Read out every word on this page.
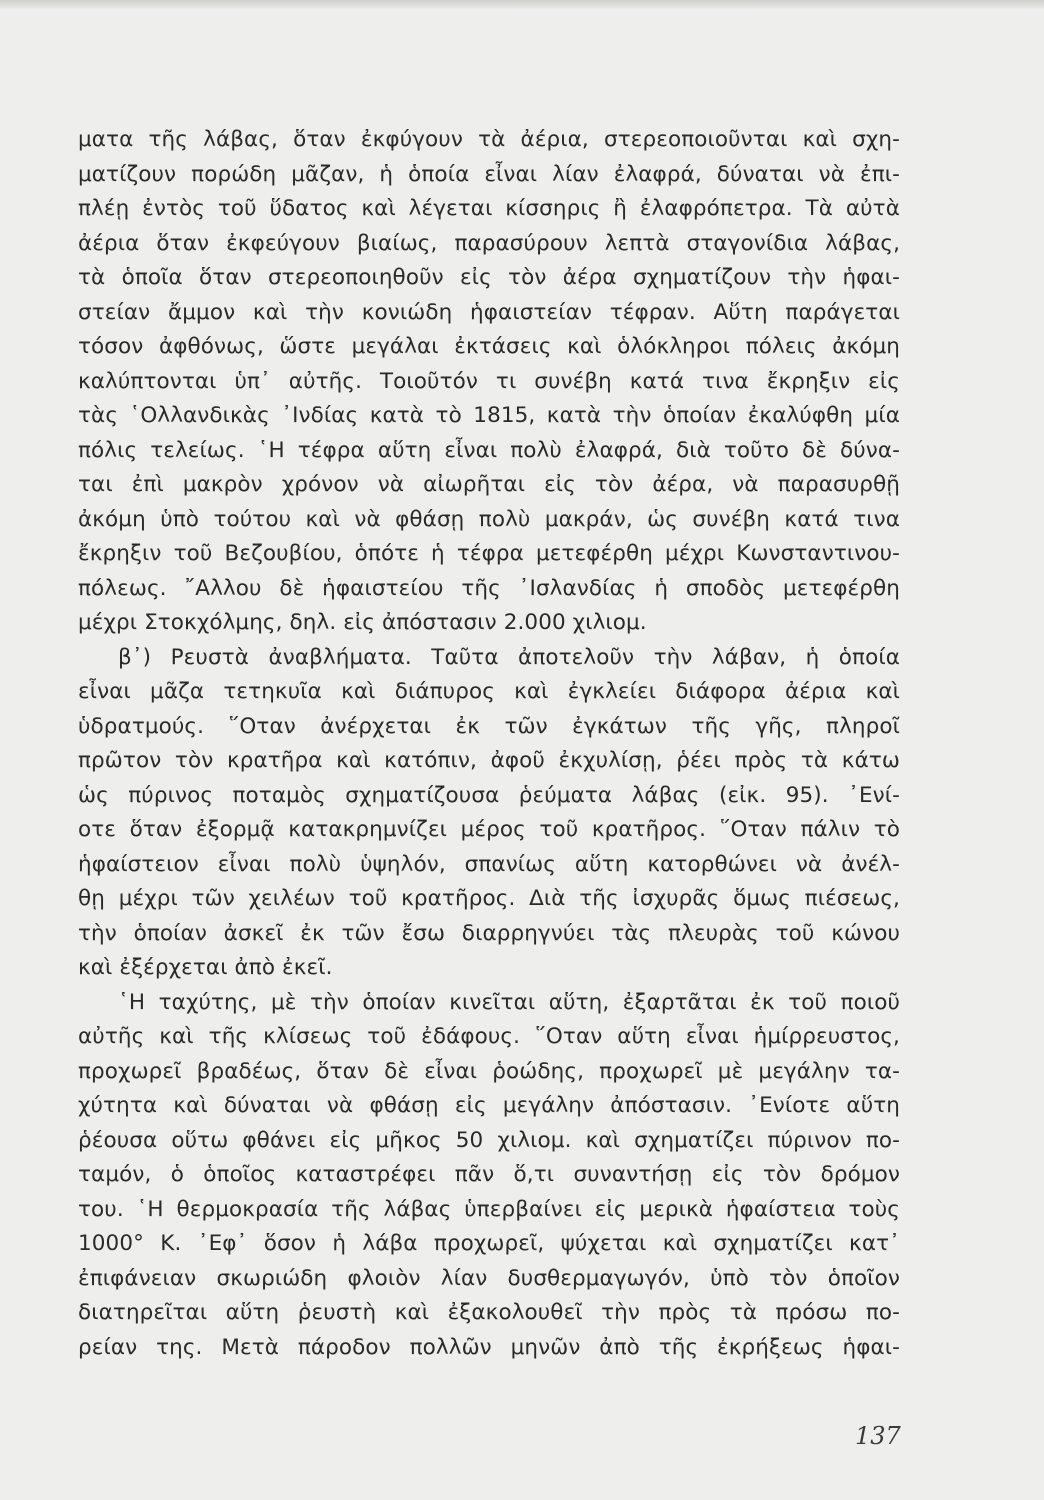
ματα τῆς λάβας, ὅταν ἐκφύγουν τὰ ἀέρια, στερεοποιοῦνται καὶ σχη-
ματίζουν πορώδη μᾶζαν, ἡ ὁποία εἶναι λίαν ἐλαφρά, δύναται νὰ ἐπι-
πλέῃ ἐντὸς τοῦ ὕδατος καὶ λέγεται κίσσηρις ἢ ἐλαφρόπετρα. Τὰ αὐτὰ
ἀέρια ὅταν ἐκφεύγουν βιαίως, παρασύρουν λεπτὰ σταγονίδια λάβας,
τὰ ὁποῖα ὅταν στερεοποιηθοῦν εἰς τὸν ἀέρα σχηματίζουν τὴν ἡφαι-
στείαν ἄμμον καὶ τὴν κονιώδη ἡφαιστείαν τέφραν. Αὕτη παράγεται
τόσον ἀφθόνως, ὥστε μεγάλαι ἐκτάσεις καὶ ὁλόκληροι πόλεις ἀκόμη
καλύπτονται ὑπ᾽ αὐτῆς. Τοιοῦτόν τι συνέβη κατά τινα ἔκρηξιν εἰς
τὰς ῾Ολλανδικὰς ᾽Ινδίας κατὰ τὸ 1815, κατὰ τὴν ὁποίαν ἐκαλύφθη μία
πόλις τελείως. ῾Η τέφρα αὕτη εἶναι πολὺ ἐλαφρά, διὰ τοῦτο δὲ δύνα-
ται ἐπὶ μακρὸν χρόνον νὰ αἰωρῆται εἰς τὸν ἀέρα, νὰ παρασυρθῇ
ἀκόμη ὑπὸ τούτου καὶ νὰ φθάσῃ πολὺ μακράν, ὡς συνέβη κατά τινα
ἔκρηξιν τοῦ Βεζουβίου, ὁπότε ἡ τέφρα μετεφέρθη μέχρι Κωνσταντινου-
πόλεως. ῎Αλλου δὲ ἡφαιστείου τῆς ᾽Ισλανδίας ἡ σποδὸς μετεφέρθη
μέχρι Στοκχόλμης, δηλ. εἰς ἀπόστασιν 2.000 χιλιομ.
β᾽) Ρευστὰ ἀναβλήματα. Ταῦτα ἀποτελοῦν τὴν λάβαν, ἡ ὁποία
εἶναι μᾶζα τετηκυῖα καὶ διάπυρος καὶ ἐγκλείει διάφορα ἀέρια καὶ
ὑδρατμούς. ῞Οταν ἀνέρχεται ἐκ τῶν ἐγκάτων τῆς γῆς, πληροῖ
πρῶτον τὸν κρατῆρα καὶ κατόπιν, ἀφοῦ ἐκχυλίσῃ, ῥέει πρὸς τὰ κάτω
ὡς πύρινος ποταμὸς σχηματίζουσα ῥεύματα λάβας (εἰκ. 95). ᾽Ενί-
οτε ὅταν ἐξορμᾷ κατακρημνίζει μέρος τοῦ κρατῆρος. ῞Οταν πάλιν τὸ
ἡφαίστειον εἶναι πολὺ ὑψηλόν, σπανίως αὕτη κατορθώνει νὰ ἀνέλ-
θῃ μέχρι τῶν χειλέων τοῦ κρατῆρος. Διὰ τῆς ἰσχυρᾶς ὅμως πιέσεως,
τὴν ὁποίαν ἀσκεῖ ἐκ τῶν ἔσω διαρρηγνύει τὰς πλευρὰς τοῦ κώνου
καὶ ἐξέρχεται ἀπὸ ἐκεῖ.
῾Η ταχύτης, μὲ τὴν ὁποίαν κινεῖται αὕτη, ἐξαρτᾶται ἐκ τοῦ ποιοῦ
αὐτῆς καὶ τῆς κλίσεως τοῦ ἐδάφους. ῞Οταν αὕτη εἶναι ἡμίρρευστος,
προχωρεῖ βραδέως, ὅταν δὲ εἶναι ῥοώδης, προχωρεῖ μὲ μεγάλην τα-
χύτητα καὶ δύναται νὰ φθάσῃ εἰς μεγάλην ἀπόστασιν. ᾽Ενίοτε αὕτη
ῥέουσα οὕτω φθάνει εἰς μῆκος 50 χιλιομ. καὶ σχηματίζει πύρινον πο-
ταμόν, ὁ ὁποῖος καταστρέφει πᾶν ὅ,τι συναντήσῃ εἰς τὸν δρόμον
του. ῾Η θερμοκρασία τῆς λάβας ὑπερβαίνει εἰς μερικὰ ἡφαίστεια τοὺς
1000° Κ. ᾽Εφ᾽ ὅσον ἡ λάβα προχωρεῖ, ψύχεται καὶ σχηματίζει κατ᾽
ἐπιφάνειαν σκωριώδη φλοιὸν λίαν δυσθερμαγωγόν, ὑπὸ τὸν ὁποῖον
διατηρεῖται αὕτη ῥευστὴ καὶ ἐξακολουθεῖ τὴν πρὸς τὰ πρόσω πο-
ρείαν της. Μετὰ πάροδον πολλῶν μηνῶν ἀπὸ τῆς ἐκρήξεως ἡφαι-
137
